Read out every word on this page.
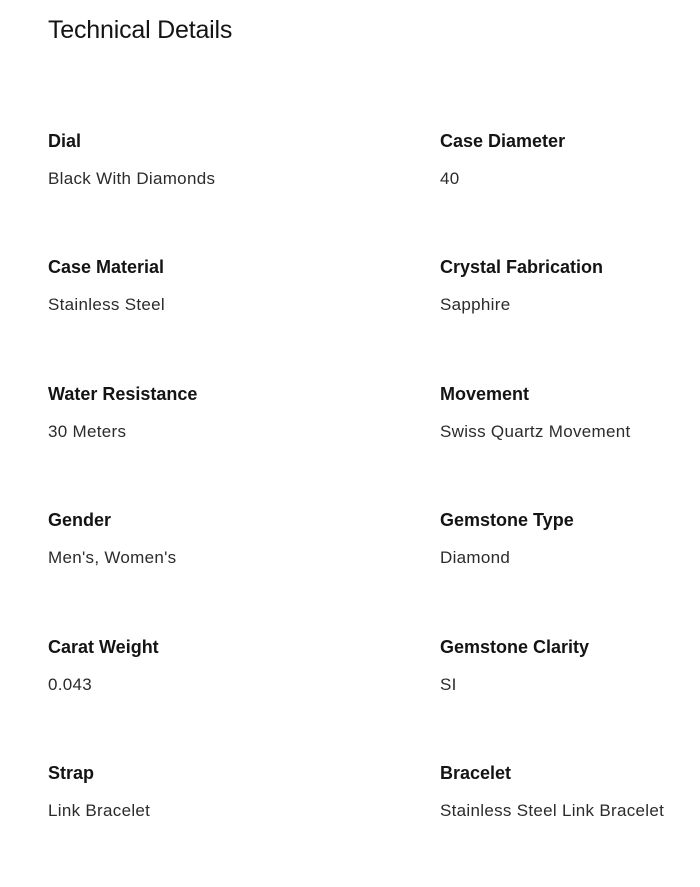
Technical Details
Dial
Black With Diamonds
Case Diameter
40
Case Material
Stainless Steel
Crystal Fabrication
Sapphire
Water Resistance
30 Meters
Movement
Swiss Quartz Movement
Gender
Men's, Women's
Gemstone Type
Diamond
Carat Weight
0.043
Gemstone Clarity
SI
Strap
Link Bracelet
Bracelet
Stainless Steel Link Bracelet
